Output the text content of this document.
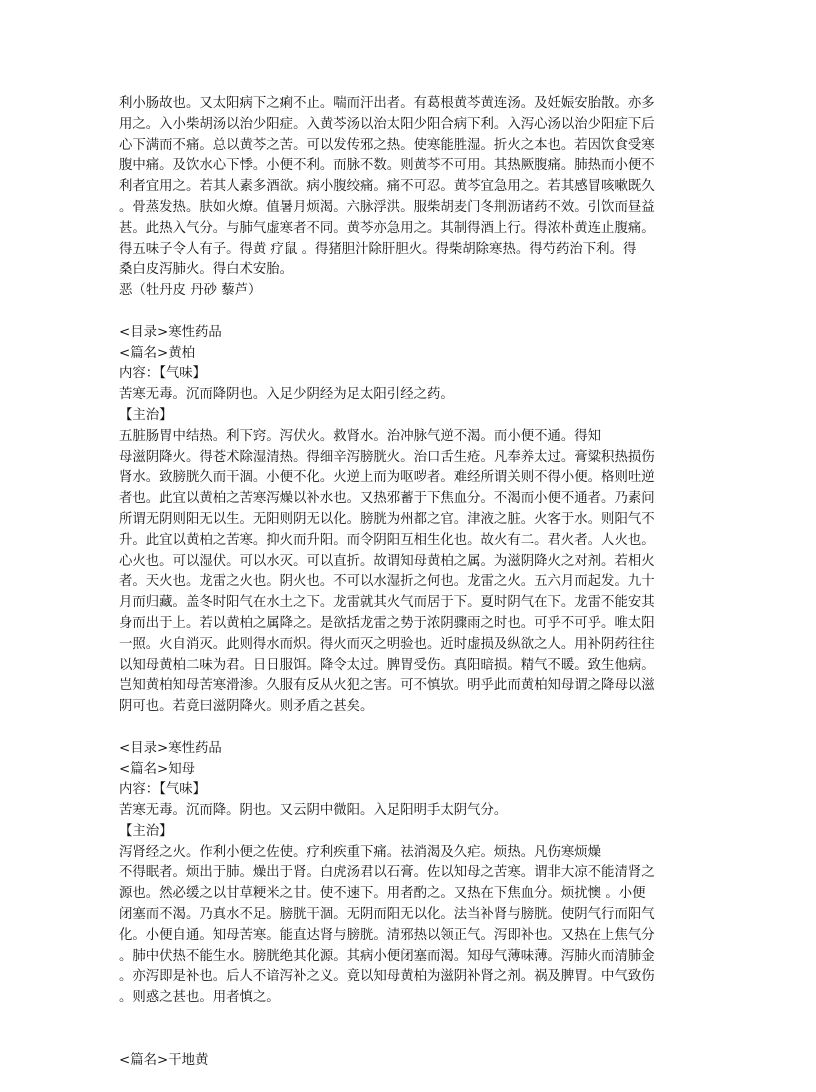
利小肠故也。又太阳病下之痢不止。喘而汗出者。有葛根黄芩黄连汤。及妊娠安胎散。亦多
用之。入小柴胡汤以治少阳症。入黄芩汤以治太阳少阳合病下利。入泻心汤以治少阳症下后
心下满而不痛。总以黄芩之苦。可以发传邪之热。使寒能胜湿。折火之本也。若因饮食受寒
腹中痛。及饮水心下悸。小便不利。而脉不数。则黄芩不可用。其热厥腹痛。肺热而小便不
利者宜用之。若其人素多酒欲。病小腹绞痛。痛不可忍。黄芩宜急用之。若其感冒咳嗽既久
。骨蒸发热。肤如火燎。值暑月烦渴。六脉浮洪。服柴胡麦门冬荆沥诸药不效。引饮而昼益
甚。此热入气分。与肺气虚寒者不同。黄芩亦急用之。其制得酒上行。得浓朴黄连止腹痛。
得五味子令人有子。得黄 疗鼠 。得猪胆汁除肝胆火。得柴胡除寒热。得芍药治下利。得
桑白皮泻肺火。得白术安胎。
恶（牡丹皮 丹砂 藜芦）
<目录>寒性药品
<篇名>黄柏
内容：【气味】
苦寒无毒。沉而降阴也。入足少阴经为足太阳引经之药。
【主治】
五脏肠胃中结热。利下窍。泻伏火。救肾水。治冲脉气逆不渴。而小便不通。得知
母滋阴降火。得苍术除湿清热。得细辛泻膀胱火。治口舌生疮。凡奉养太过。膏粱积热损伤
肾水。致膀胱久而干涸。小便不化。火逆上而为呕哕者。难经所谓关则不得小便。格则吐逆
者也。此宜以黄柏之苦寒泻燥以补水也。又热邪蓄于下焦血分。不渴而小便不通者。乃素问
所谓无阴则阳无以生。无阳则阴无以化。膀胱为州都之官。津液之脏。火客于水。则阳气不
升。此宜以黄柏之苦寒。抑火而升阳。而令阴阳互相生化也。故火有二。君火者。人火也。
心火也。可以湿伏。可以水灭。可以直折。故谓知母黄柏之属。为滋阴降火之对剂。若相火
者。天火也。龙雷之火也。阴火也。不可以水湿折之何也。龙雷之火。五六月而起发。九十
月而归藏。盖冬时阳气在水土之下。龙雷就其火气而居于下。夏时阴气在下。龙雷不能安其
身而出于上。若以黄柏之属降之。是欲括龙雷之势于浓阴骤雨之时也。可乎不可乎。唯太阳
一照。火自消灭。此则得水而炽。得火而灭之明验也。近时虚损及纵欲之人。用补阴药往往
以知母黄柏二味为君。日日服饵。降令太过。脾胃受伤。真阳暗损。精气不暖。致生他病。
岂知黄柏知母苦寒滑渗。久服有反从火犯之害。可不慎欤。明乎此而黄柏知母谓之降母以滋
阴可也。若竟曰滋阴降火。则矛盾之甚矣。
<目录>寒性药品
<篇名>知母
内容：【气味】
苦寒无毒。沉而降。阴也。又云阴中微阳。入足阳明手太阴气分。
【主治】
泻肾经之火。作利小便之佐使。疗利疾重下痛。祛消渴及久疟。烦热。凡伤寒烦燥
不得眠者。烦出于肺。燥出于肾。白虎汤君以石膏。佐以知母之苦寒。谓非大凉不能清肾之
源也。然必缓之以甘草粳米之甘。使不速下。用者酌之。又热在下焦血分。烦扰懊 。小便
闭塞而不渴。乃真水不足。膀胱干涸。无阴而阳无以化。法当补肾与膀胱。使阴气行而阳气
化。小便自通。知母苦寒。能直达肾与膀胱。清邪热以领正气。泻即补也。又热在上焦气分
。肺中伏热不能生水。膀胱绝其化源。其病小便闭塞而渴。知母气薄味薄。泻肺火而清肺金
。亦泻即是补也。后人不谙泻补之义。竟以知母黄柏为滋阴补肾之剂。祸及脾胃。中气致伤
。则惑之甚也。用者慎之。
<篇名>干地黄
